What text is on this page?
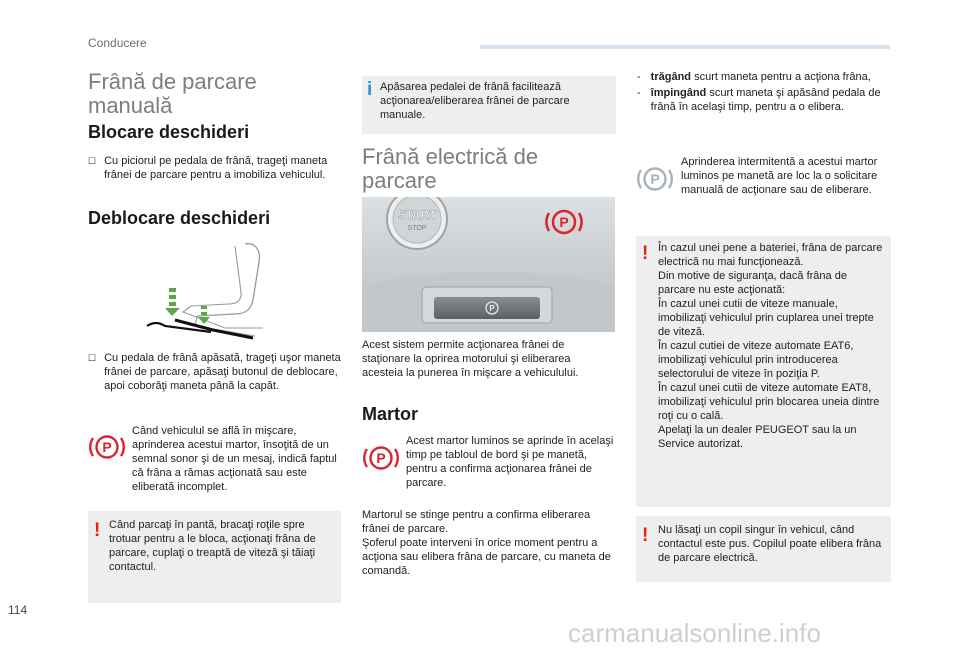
Conducere
Frână de parcare manuală
Blocare deschideri
☐ Cu piciorul pe pedala de frână, trageţi maneta frânei de parcare pentru a imobiliza vehiculul.
Deblocare deschideri
☐ Cu pedala de frână apăsată, trageţi uşor maneta frânei de parcare, apăsaţi butonul de deblocare, apoi coborâţi maneta până la capăt.
P
Când vehiculul se află în mişcare, aprinderea acestui martor, însoţită de un semnal sonor şi de un mesaj, indică faptul că frâna a rămas acţionată sau este eliberată incomplet.
! Când parcaţi în pantă, bracaţi roţile spre trotuar pentru a le bloca, acţionaţi frâna de parcare, cuplaţi o treaptă de viteză şi tăiaţi contactul.
i Apăsarea pedalei de frână facilitează acţionarea/eliberarea frânei de parcare manuale.
Frână electrică de parcare
START
STOP	P
P
Acest sistem permite acţionarea frânei de staţionare la oprirea motorului şi eliberarea acesteia la punerea în mişcare a vehiculului.
Martor
P
Acest martor luminos se aprinde în acelaşi timp pe tabloul de bord şi pe manetă, pentru a confirma acţionarea frânei de parcare.
Martorul se stinge pentru a confirma eliberarea frânei de parcare.
Şoferul poate interveni în orice moment pentru a acţiona sau elibera frâna de parcare, cu maneta de comandă.
- trăgând scurt maneta pentru a acţiona frâna,
- împingând scurt maneta şi apăsând pedala de frână în acelaşi timp, pentru a o elibera.
P
Aprinderea intermitentă a acestui martor luminos pe manetă are loc la o solicitare manuală de acţionare sau de eliberare.
! În cazul unei pene a bateriei, frâna de parcare electrică nu mai funcţionează.
Din motive de siguranţa, dacă frâna de parcare nu este acţionată:
În cazul unei cutii de viteze manuale, imobilizaţi vehiculul prin cuplarea unei trepte de viteză.
În cazul cutiei de viteze automate EAT6, imobilizaţi vehiculul prin introducerea selectorului de viteze în poziţia P.
În cazul unei cutii de viteze automate EAT8, imobilizaţi vehiculul prin blocarea uneia dintre roţi cu o cală.
Apelaţi la un dealer PEUGEOT sau la un Service autorizat.
! Nu lăsaţi un copil singur în vehicul, când contactul este pus. Copilul poate elibera frâna de parcare electrică.
114
carmanualsonline.info
